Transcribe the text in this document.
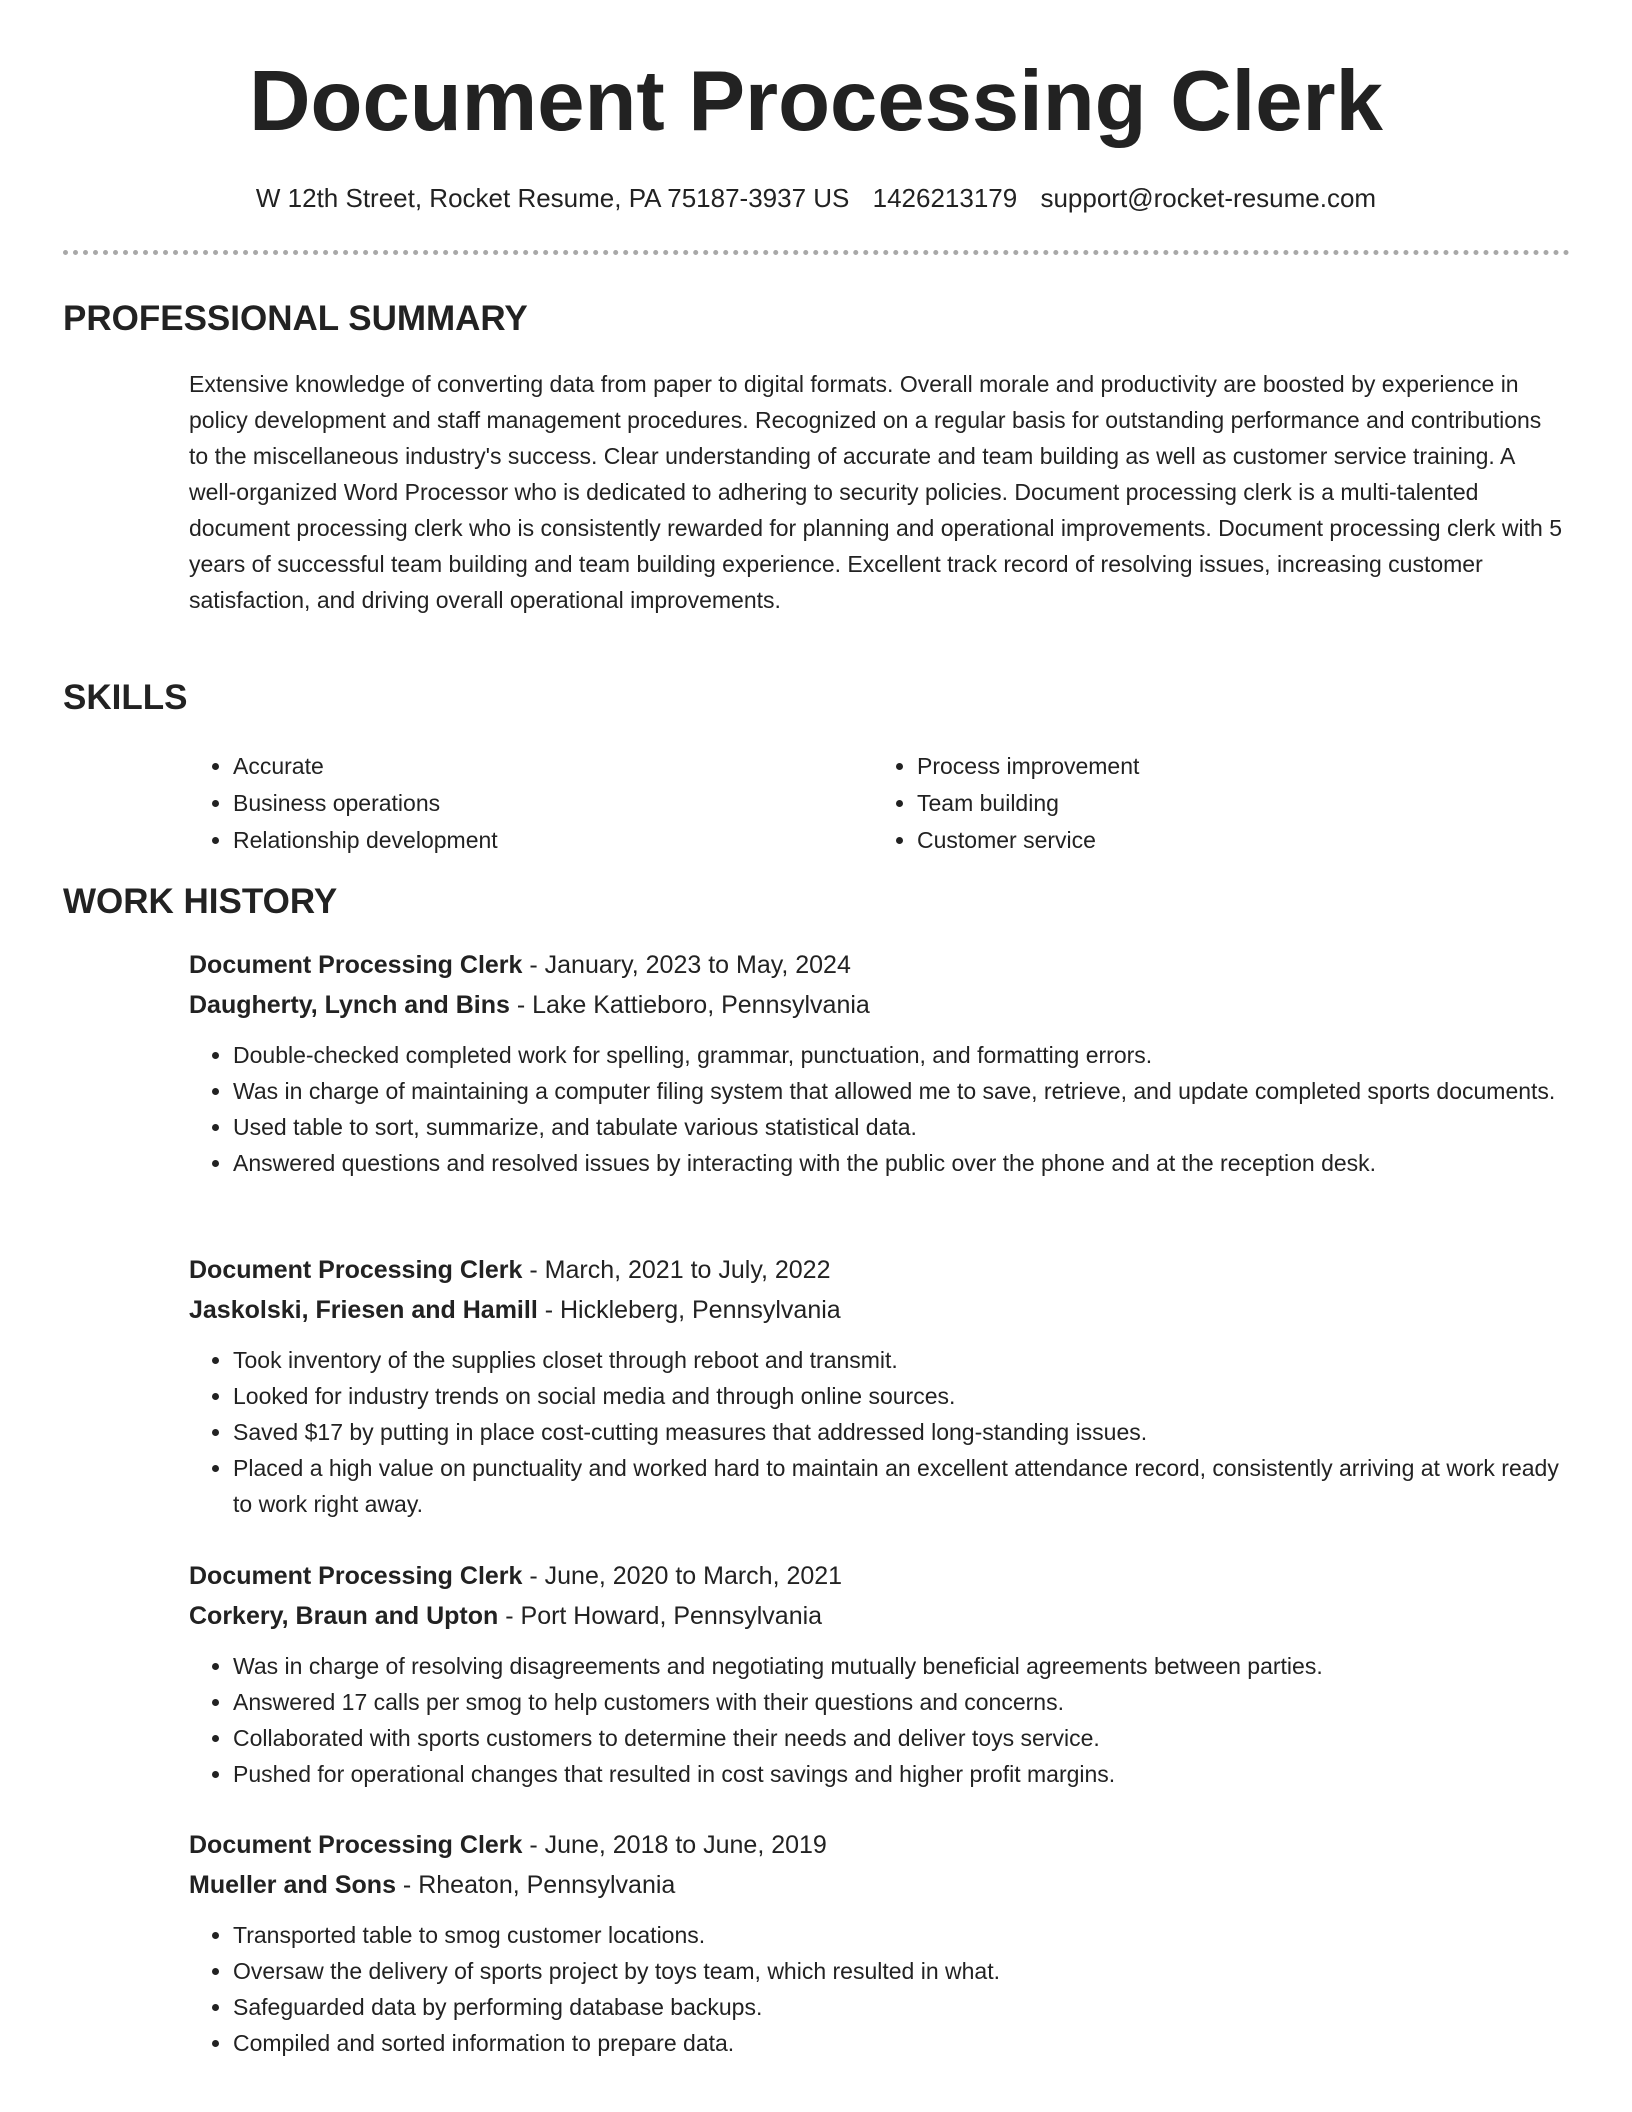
Document Processing Clerk
W 12th Street, Rocket Resume, PA 75187-3937 US 1426213179 support@rocket-resume.com
PROFESSIONAL SUMMARY

Extensive knowledge of converting data from paper to digital formats. Overall morale and productivity are boosted by experience in policy development and staff management procedures. Recognized on a regular basis for outstanding performance and contributions to the miscellaneous industry's success. Clear understanding of accurate and team building as well as customer service training. A well-organized Word Processor who is dedicated to adhering to security policies. Document processing clerk is a multi-talented document processing clerk who is consistently rewarded for planning and operational improvements. Document processing clerk with 5 years of successful team building and team building experience. Excellent track record of resolving issues, increasing customer satisfaction, and driving overall operational improvements.

SKILLS
• Accurate
• Business operations
• Relationship development
• Process improvement
• Team building
• Customer service
WORK HISTORY

Document Processing Clerk - January, 2023 to May, 2024

Daugherty, Lynch and Bins - Lake Kattieboro, Pennsylvania

• Double-checked completed work for spelling, grammar, punctuation, and formatting errors.
• Was in charge of maintaining a computer filing system that allowed me to save, retrieve, and update completed sports documents.
• Used table to sort, summarize, and tabulate various statistical data.
• Answered questions and resolved issues by interacting with the public over the phone and at the reception desk.

Document Processing Clerk - March, 2021 to July, 2022

Jaskolski, Friesen and Hamill - Hickleberg, Pennsylvania

• Took inventory of the supplies closet through reboot and transmit.
• Looked for industry trends on social media and through online sources.
• Saved $17 by putting in place cost-cutting measures that addressed long-standing issues.
• Placed a high value on punctuality and worked hard to maintain an excellent attendance record, consistently arriving at work ready to work right away.

Document Processing Clerk - June, 2020 to March, 2021

Corkery, Braun and Upton - Port Howard, Pennsylvania

• Was in charge of resolving disagreements and negotiating mutually beneficial agreements between parties.
• Answered 17 calls per smog to help customers with their questions and concerns.
• Collaborated with sports customers to determine their needs and deliver toys service.
• Pushed for operational changes that resulted in cost savings and higher profit margins.

Document Processing Clerk - June, 2018 to June, 2019

Mueller and Sons - Rheaton, Pennsylvania

• Transported table to smog customer locations.
• Oversaw the delivery of sports project by toys team, which resulted in what.
• Safeguarded data by performing database backups.
• Compiled and sorted information to prepare data.
